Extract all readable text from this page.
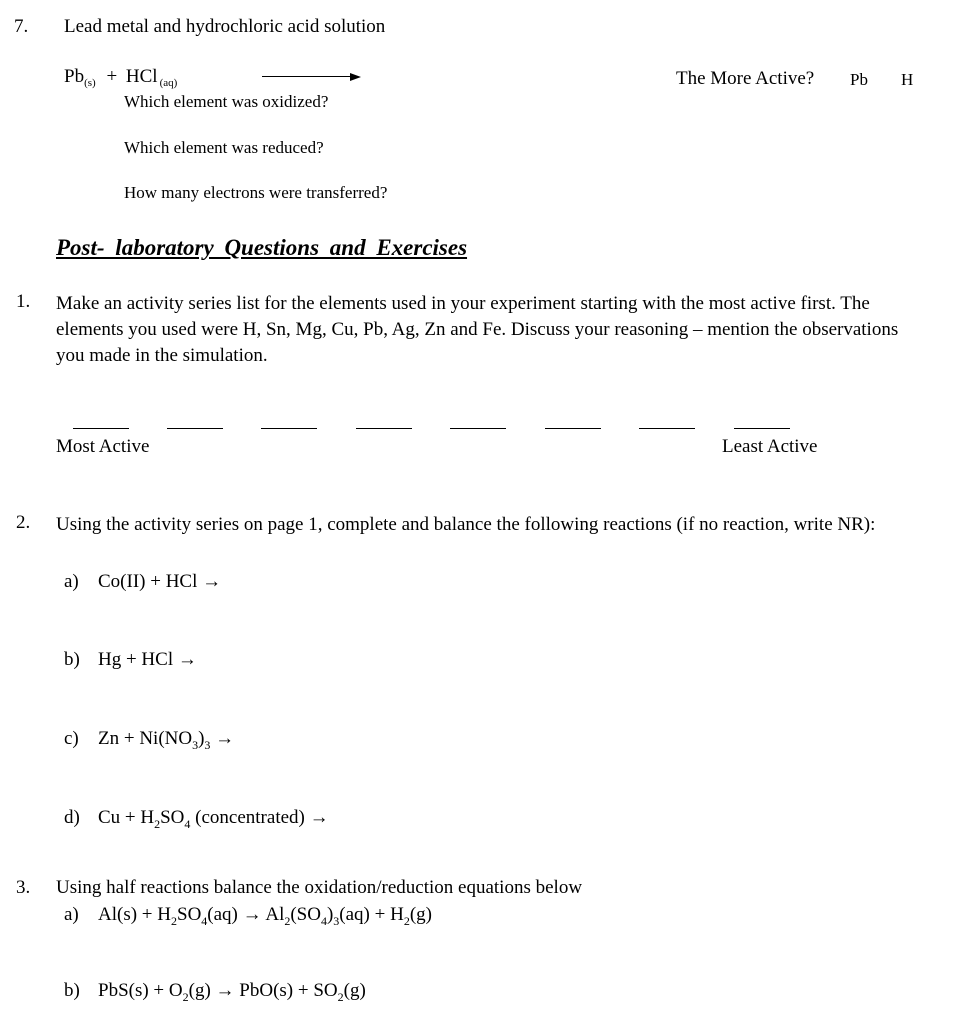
7. Lead metal and hydrochloric acid solution
$Pb_{(s)}$ + HCl $_{(aq)}$	The More Active? Pb H
Which element was oxidized?
Which element was reduced?
How many electrons were transferred?
Post- laboratory Questions and Exercises
1. Make an activity series list for the elements used in your experiment starting with the most active first. The elements you used were H, Sn, Mg, Cu, Pb, Ag, Zn and Fe. Discuss your reasoning – mention the observations you made in the simulation.
Most Active	Least Active
2. Using the activity series on page 1, complete and balance the following reactions (if no reaction, write NR):
a) Co(II) + HCl →
b) Hg + HCl →
c) $Zn + Ni(NO_3)_3$ →
d) $Cu + H_2SO_4$ (concentrated) →
3. Using half reactions balance the oxidation/reduction equations below
a) $Al(s) + H_2SO_4(aq) \to Al_2(SO_4)_3(aq) + H_2(g)$
b) $PbS(s) + O_2(g) \to PbO(s) + SO_2(g)$
